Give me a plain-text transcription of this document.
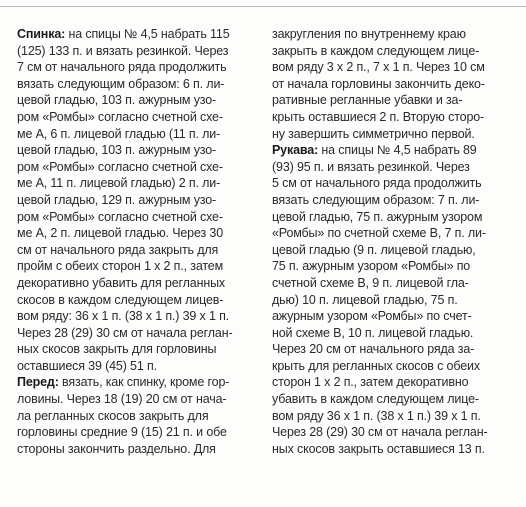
Спинка: на спицы № 4,5 набрать 115
(125) 133 п. и вязать резинкой. Через
7 см от начального ряда продолжить
вязать следующим образом: 6 п. ли-
цевой гладью, 103 п. ажурным узо-
ром «Ромбы» согласно счетной схе-
ме А, 6 п. лицевой гладью (11 п. ли-
цевой гладью, 103 п. ажурным узо-
ром «Ромбы» согласно счетной схе-
ме А, 11 п. лицевой гладью) 2 п. ли-
цевой гладью, 129 п. ажурным узо-
ром «Ромбы» согласно счетной схе-
ме А, 2 п. лицевой гладью. Через 30
см от начального ряда закрыть для
пройм с обеих сторон 1 х 2 п., затем
декоративно убавить для регланных
скосов в каждом следующем лицев-
вом ряду: 36 х 1 п. (38 х 1 п.) 39 х 1 п.
Через 28 (29) 30 см от начала реглан-
ных скосов закрыть для горловины
оставшиеся 39 (45) 51 п.
Перед: вязать, как спинку, кроме гор-
ловины. Через 18 (19) 20 см от нача-
ла регланных скосов закрыть для
горловины средние 9 (15) 21 п. и обе
стороны закончить раздельно. Для
закругления по внутреннему краю
закрыть в каждом следующем лице-
вом ряду 3 х 2 п., 7 х 1 п. Через 10 см
от начала горловины закончить деко-
ративные регланные убавки и за-
крыть оставшиеся 2 п. Вторую сторо-
ну завершить симметрично первой.
Рукава: на спицы № 4,5 набрать 89
(93) 95 п. и вязать резинкой. Через
5 см от начального ряда продолжить
вязать следующим образом: 7 п. ли-
цевой гладью, 75 п. ажурным узором
«Ромбы» по счетной схеме В, 7 п. ли-
цевой гладью (9 п. лицевой гладью,
75 п. ажурным узором «Ромбы» по
счетной схеме В, 9 п. лицевой гла-
дью) 10 п. лицевой гладью, 75 п.
ажурным узором «Ромбы» по счет-
ной схеме В, 10 п. лицевой гладью.
Через 20 см от начального ряда за-
крыть для регланных скосов с обеих
сторон 1 х 2 п., затем декоративно
убавить в каждом следующем лице-
вом ряду 36 х 1 п. (38 х 1 п.) 39 х 1 п.
Через 28 (29) 30 см от начала реглан-
ных скосов закрыть оставшиеся 13 п.
